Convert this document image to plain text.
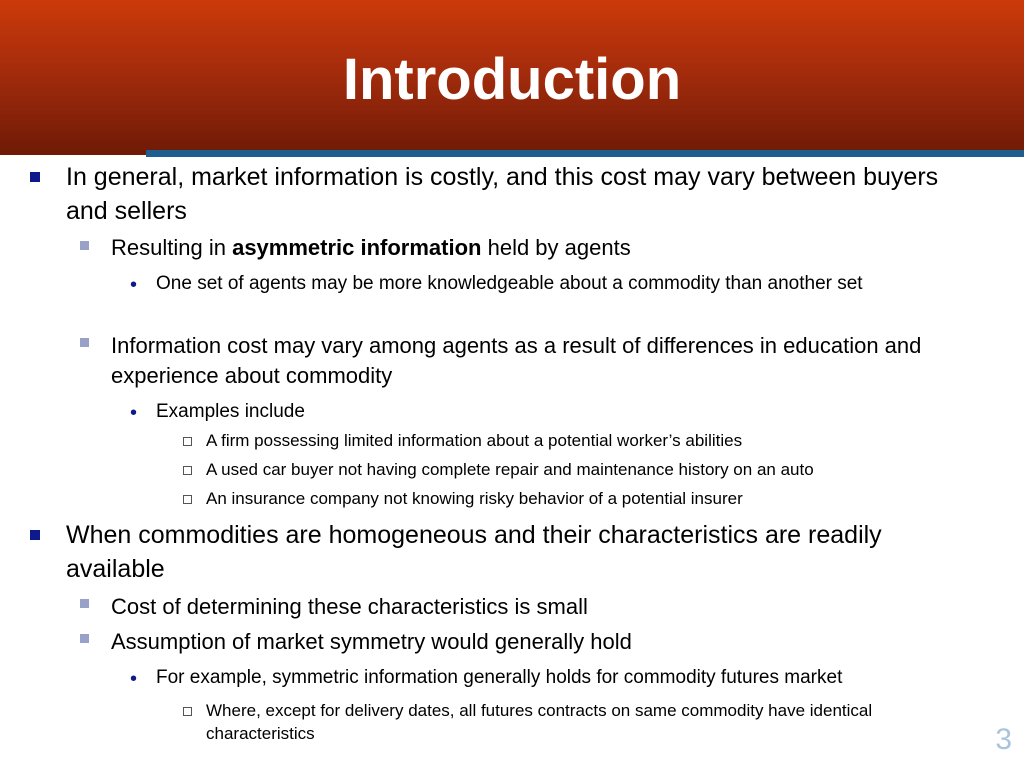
Introduction
In general, market information is costly, and this cost may vary between buyers and sellers
Resulting in asymmetric information held by agents
• One set of agents may be more knowledgeable about a commodity than another set
Information cost may vary among agents as a result of differences in education and experience about commodity
• Examples include
A firm possessing limited information about a potential worker’s abilities
A used car buyer not having complete repair and maintenance history on an auto
An insurance company not knowing risky behavior of a potential insurer
When commodities are homogeneous and their characteristics are readily available
Cost of determining these characteristics is small
Assumption of market symmetry would generally hold
• For example, symmetric information generally holds for commodity futures market
Where, except for delivery dates, all futures contracts on same commodity have identical characteristics	3
